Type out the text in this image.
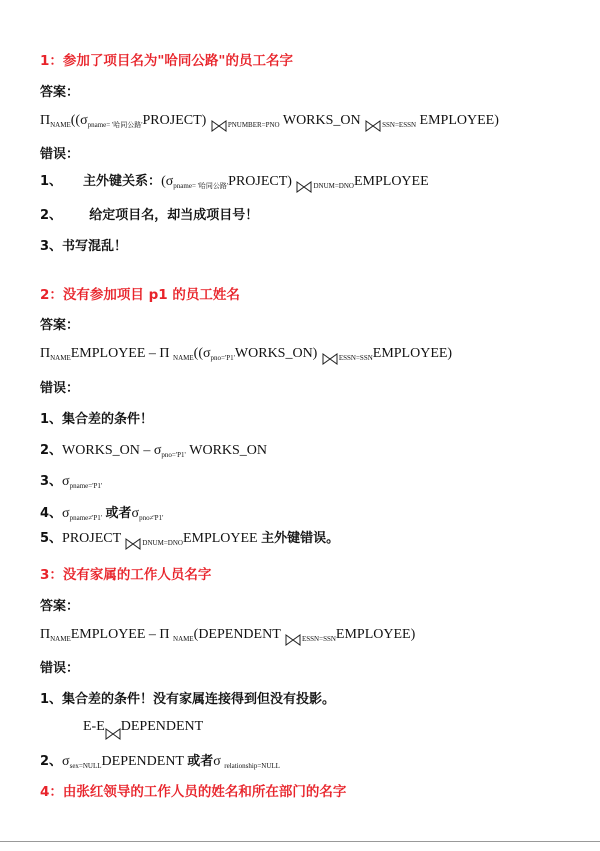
1：参加了项目名为"哈同公路"的员工名字
答案：
$\Pi_{NAME}((\sigma_{pname= '哈同公路'}PROJECT)$	$_{PNUMBER=PNO}$ WORKS_ON	$_{SSN=ESSN}$ EMPLOYEE)
错误：
1、 主外键关系：$(\sigma_{pname= '哈同公路'}PROJECT)$	$_{DNUM=DNO}$EMPLOYEE
2、 给定项目名，却当成项目号！
3、书写混乱！
2：没有参加项目 p1 的员工姓名
答案：
$\Pi_{NAME}EMPLOYEE$ – Π $_{NAME}((\sigma_{pno='P1'}WORKS\_ON)$	$_{ESSN=SSN}$EMPLOYEE)
错误：
1、集合差的条件！
2、WORKS_ON – $\sigma_{pno='P1'}$ WORKS_ON
3、$\sigma_{pname='P1'}$
4、$\sigma_{pname\ne'P1'}$ 或者$\sigma_{pno\ne'P1'}$
5、PROJECT	$_{DNUM=DNO}$EMPLOYEE 主外键错误。
3：没有家属的工作人员名字
答案：
$\Pi_{NAME}EMPLOYEE$ – Π $_{NAME}$(DEPENDENT	$_{ESSN=SSN}$EMPLOYEE)
错误：
1、集合差的条件！没有家属连接得到但没有投影。
E-E DEPENDENT
2、$\sigma_{sex=NULL}DEPENDENT$ 或者σ $_{relationship=NULL}$
4：由张红领导的工作人员的姓名和所在部门的名字
